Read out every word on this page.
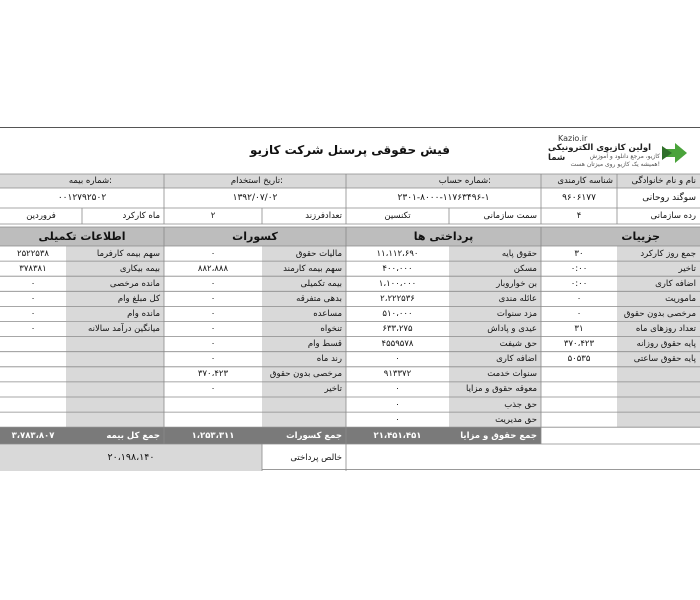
فیش حقوقی پرسنل شرکت کازیو
Kazio.ir
اولین کازیوی الکترونیکی شما	کازیو، مرجع دانلود و آموزش
همیشه یک کازیو روی میزتان هست!
نام و نام خانوادگی
شناسه کارمندی
شماره حساب:
تاریخ استخدام:
شماره بیمه:
سوگند روحانی
۹۶۰۶۱۷۷
۲۳۰۱-۸۰۰۰-۱۱۷۶۳۴۹۶-۱
۱۳۹۲/۰۷/۰۲
۰۰۱۲۷۹۲۵۰۲
رده سازمانی
۴
سمت سازمانی
تکنسین
تعدادفرزند
۲
ماه کارکرد
فروردین
جزییات
پرداختی ها
کسورات
اطلاعات تکمیلی
جمع روز کارکرد
۳۰
تاخیر
۰:۰۰
اضافه کاری
۰:۰۰
ماموریت
۰
مرخصی بدون حقوق
۰
تعداد روزهای ماه
۳۱
پایه حقوق روزانه
۳۷۰،۴۲۳
پایه حقوق ساعتی
۵۰۵۳۵
حقوق پایه
۱۱،۱۱۲،۶۹۰
مسکن
۴۰۰،۰۰۰
بن خواروبار
۱،۱۰۰،۰۰۰
عائله مندی
۲،۲۲۲۵۳۶
مزد سنوات
۵۱۰،۰۰۰
عیدی و پاداش
۶۳۳،۲۷۵
حق شیفت
۴۵۵۹۵۷۸
اضافه کاری
۰
سنوات خدمت
۹۱۳۳۷۲
معوقه حقوق و مزایا
۰
حق جذب
۰
حق مدیریت
۰
مالیات حقوق
۰
سهم بیمه کارمند
۸۸۲،۸۸۸
بیمه تکمیلی
۰
بدهی متفرقه
۰
مساعده
۰
تنخواه
۰
قسط وام
۰
رند ماه
۰
مرخصی بدون حقوق
۳۷۰،۴۲۳
تاخیر
۰
سهم بیمه کارفرما
۲۵۲۲۵۳۸
بیمه بیکاری
۳۷۸۳۸۱
مانده مرخصی
۰
کل مبلغ وام
۰
مانده وام
۰
میانگین درآمد سالانه
۰
جمع حقوق و مزایا
۲۱،۴۵۱،۴۵۱
جمع کسورات
۱،۲۵۳،۳۱۱
جمع کل بیمه
۳،۷۸۳،۸۰۷
خالص پرداختی
۲۰،۱۹۸،۱۴۰
